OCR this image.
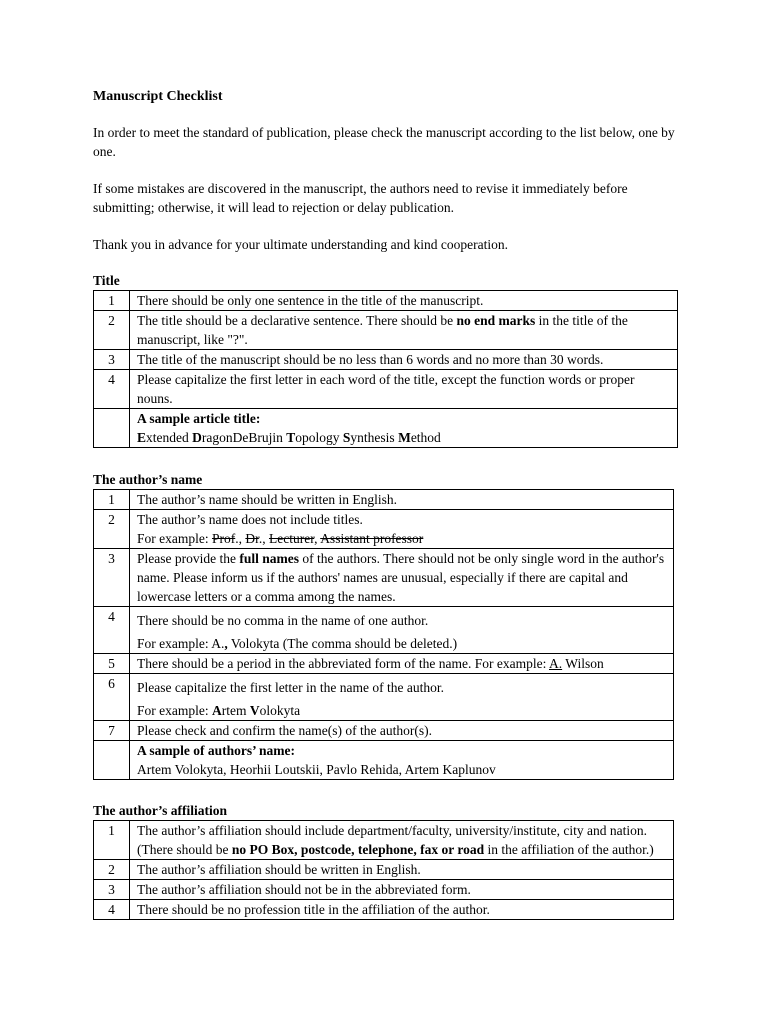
Manuscript Checklist

In order to meet the standard of publication, please check the manuscript according to the list below, one by one.

If some mistakes are discovered in the manuscript, the authors need to revise it immediately before submitting; otherwise, it will lead to rejection or delay publication.

Thank you in advance for your ultimate understanding and kind cooperation.

Title
1	There should be only one sentence in the title of the manuscript.
2	The title should be a declarative sentence. There should be no end marks in the title of the manuscript, like "?".
3	The title of the manuscript should be no less than 6 words and no more than 30 words.
4	Please capitalize the first letter in each word of the title, except the function words or proper nouns.
	A sample article title:
Extended DragonDeBrujin Topology Synthesis Method
The author’s name
1	The author’s name should be written in English.
2	The author’s name does not include titles.
For example: Prof., Dr., Lecturer, Assistant professor
3	Please provide the full names of the authors. There should not be only single word in the author's name. Please inform us if the authors' names are unusual, especially if there are capital and lowercase letters or a comma among the names.
4	There should be no comma in the name of one author.
For example: A., Volokyta (The comma should be deleted.)

5	There should be a period in the abbreviated form of the name. For example: A. Wilson
6	Please capitalize the first letter in the name of the author.
For example: Artem Volokyta

7	Please check and confirm the name(s) of the author(s).
	A sample of authors’ name:
Artem Volokyta, Heorhii Loutskii, Pavlo Rehida, Artem Kaplunov
The author’s affiliation
1	The author’s affiliation should include department/faculty, university/institute, city and nation. (There should be no PO Box, postcode, telephone, fax or road in the affiliation of the author.)
2	The author’s affiliation should be written in English.
3	The author’s affiliation should not be in the abbreviated form.
4	There should be no profession title in the affiliation of the author.
